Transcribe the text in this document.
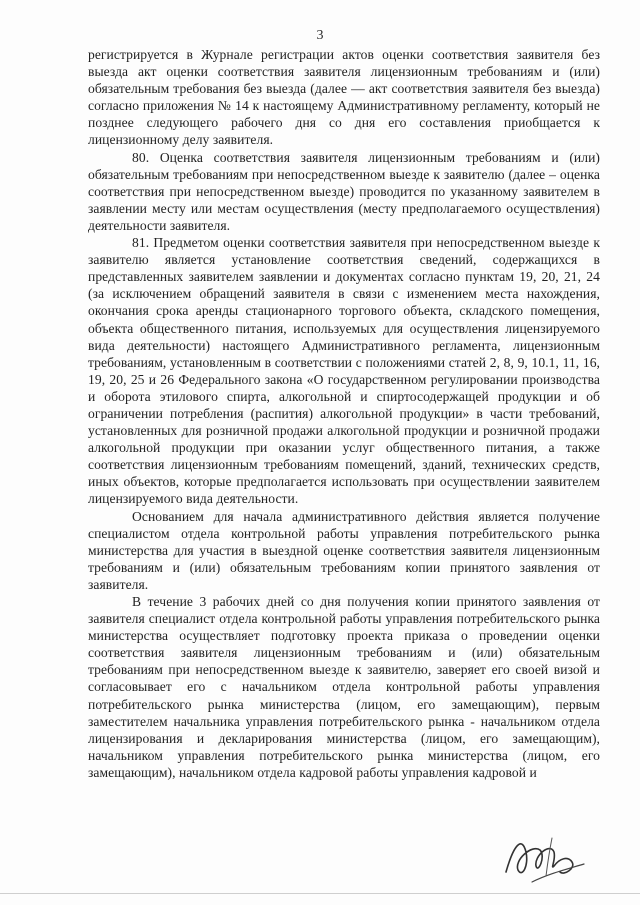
3

регистрируется в Журнале регистрации актов оценки соответствия заявителя без выезда акт оценки соответствия заявителя лицензионным требованиям и (или) обязательным требования без выезда (далее — акт соответствия заявителя без выезда) согласно приложения № 14 к настоящему Административному регламенту, который не позднее следующего рабочего дня со дня его составления приобщается к лицензионному делу заявителя.

80. Оценка соответствия заявителя лицензионным требованиям и (или) обязательным требованиям при непосредственном выезде к заявителю (далее – оценка соответствия при непосредственном выезде) проводится по указанному заявителем в заявлении месту или местам осуществления (месту предполагаемого осуществления) деятельности заявителя.

81. Предметом оценки соответствия заявителя при непосредственном выезде к заявителю является установление соответствия сведений, содержащихся в представленных заявителем заявлении и документах согласно пунктам 19, 20, 21, 24 (за исключением обращений заявителя в связи с изменением места нахождения, окончания срока аренды стационарного торгового объекта, складского помещения, объекта общественного питания, используемых для осуществления лицензируемого вида деятельности) настоящего Административного регламента, лицензионным требованиям, установленным в соответствии с положениями статей 2, 8, 9, 10.1, 11, 16, 19, 20, 25 и 26 Федерального закона «О государственном регулировании производства и оборота этилового спирта, алкогольной и спиртосодержащей продукции и об ограничении потребления (распития) алкогольной продукции» в части требований, установленных для розничной продажи алкогольной продукции и розничной продажи алкогольной продукции при оказании услуг общественного питания, а также соответствия лицензионным требованиям помещений, зданий, технических средств, иных объектов, которые предполагается использовать при осуществлении заявителем лицензируемого вида деятельности.

Основанием для начала административного действия является получение специалистом отдела контрольной работы управления потребительского рынка министерства для участия в выездной оценке соответствия заявителя лицензионным требованиям и (или) обязательным требованиям копии принятого заявления от заявителя.

В течение 3 рабочих дней со дня получения копии принятого заявления от заявителя специалист отдела контрольной работы управления потребительского рынка министерства осуществляет подготовку проекта приказа о проведении оценки соответствия заявителя лицензионным требованиям и (или) обязательным требованиям при непосредственном выезде к заявителю, заверяет его своей визой и согласовывает его с начальником отдела контрольной работы управления потребительского рынка министерства (лицом, его замещающим), первым заместителем начальника управления потребительского рынка - начальником отдела лицензирования и декларирования министерства (лицом, его замещающим), начальником управления потребительского рынка министерства (лицом, его замещающим), начальником отдела кадровой работы управления кадровой и
